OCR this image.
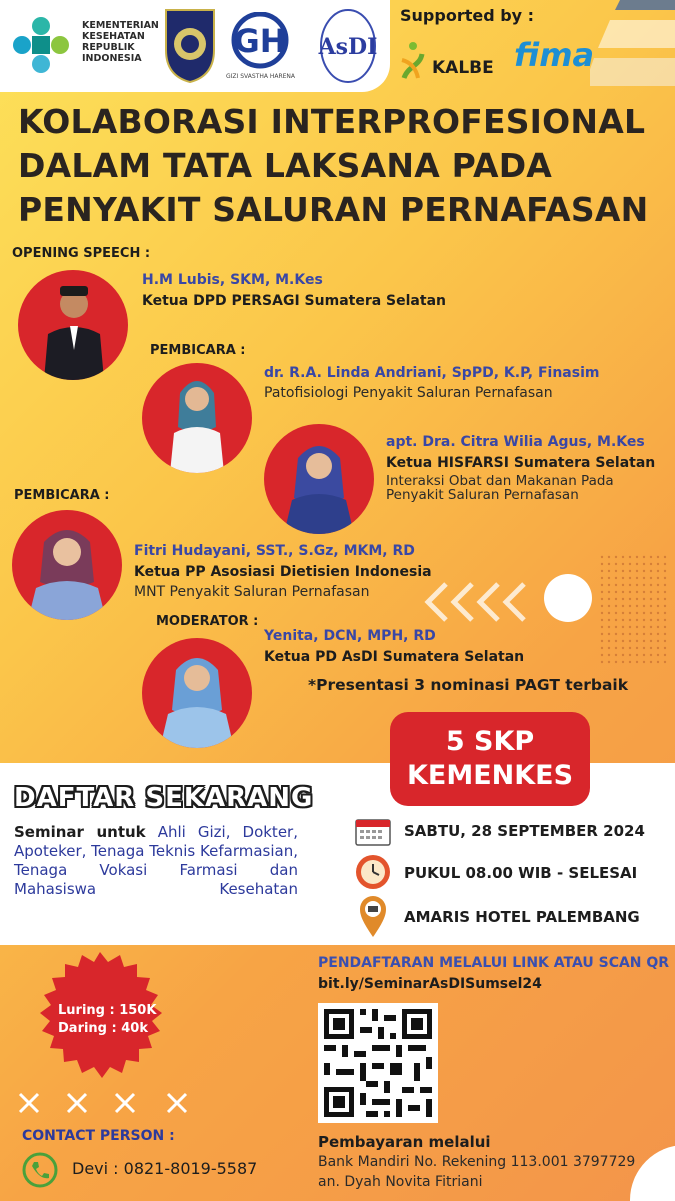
KEMENTERIAN
KESEHATAN
REPUBLIK
INDONESIA	GH
GIZI SVASTHA HARENA
AsDI
Supported by :
KALBE fima
KOLABORASI INTERPROFESIONAL
DALAM TATA LAKSANA PADA
PENYAKIT SALURAN PERNAFASAN
OPENING SPEECH :
H.M Lubis, SKM, M.Kes
Ketua DPD PERSAGI Sumatera Selatan
PEMBICARA :
dr. R.A. Linda Andriani, SpPD, K.P, Finasim
Patofisiologi Penyakit Saluran Pernafasan
apt. Dra. Citra Wilia Agus, M.Kes
Ketua HISFARSI Sumatera Selatan
Interaksi Obat dan Makanan Pada
Penyakit Saluran Pernafasan
PEMBICARA :
Fitri Hudayani, SST., S.Gz, MKM, RD
Ketua PP Asosiasi Dietisien Indonesia
MNT Penyakit Saluran Pernafasan
MODERATOR :
Yenita, DCN, MPH, RD
Ketua PD AsDI Sumatera Selatan
*Presentasi 3 nominasi PAGT terbaik
5 SKP
KEMENKES
DAFTAR SEKARANG
Seminar untuk Ahli Gizi, Dokter, Apoteker, Tenaga Teknis Kefarmasian, Tenaga Vokasi Farmasi dan Mahasiswa Kesehatan
SABTU, 28 SEPTEMBER 2024
PUKUL 08.00 WIB - SELESAI
AMARIS HOTEL PALEMBANG
Luring : 150K
Daring : 40k
PENDAFTARAN MELALUI LINK ATAU SCAN QR
bit.ly/SeminarAsDISumsel24
CONTACT PERSON :
Devi : 0821-8019-5587
Pembayaran melalui
Bank Mandiri No. Rekening 113.001 3797729
an. Dyah Novita Fitriani
